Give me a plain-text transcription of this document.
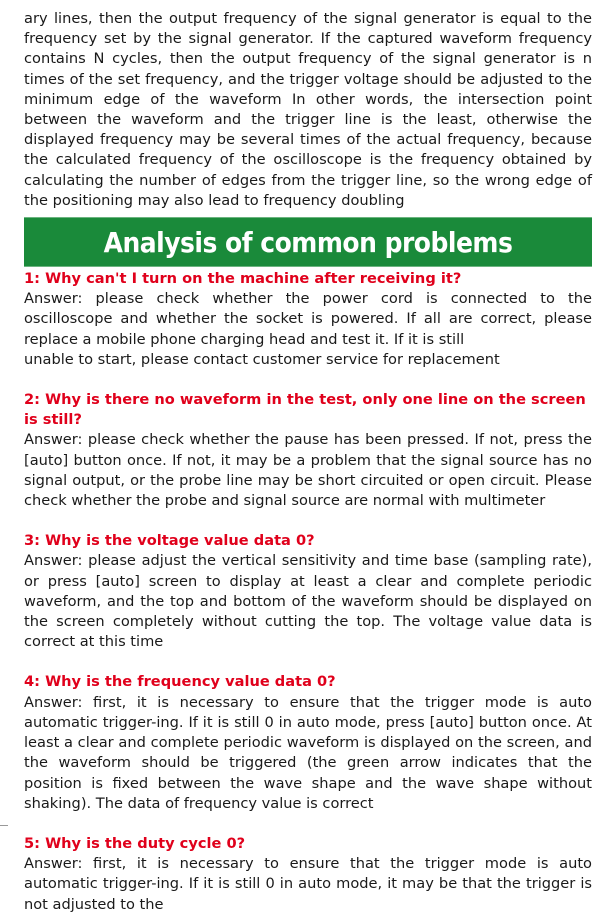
ary lines, then the output frequency of the signal generator is equal to the frequency set by the signal generator. If the captured waveform frequency contains N cycles, then the output frequency of the signal generator is n times of the set frequency, and the trigger voltage should be adjusted to the minimum edge of the waveform In other words, the intersection point between the waveform and the trigger line is the least, otherwise the displayed frequency may be several times of the actual frequency, because the calculated frequency of the oscilloscope is the frequency obtained by calculating the number of edges from the trigger line, so the wrong edge of the positioning may also lead to frequency doubling

Analysis of common problems

1: Why can't I turn on the machine after receiving it?

Answer: please check whether the power cord is connected to the oscilloscope and whether the socket is powered. If all are correct, please replace a mobile phone charging head and test it. If it is still
unable to start, please contact customer service for replacement

2: Why is there no waveform in the test, only one line on the screen is still?

Answer: please check whether the pause has been pressed. If not, press the [auto] button once. If not, it may be a problem that the signal source has no signal output, or the probe line may be short circuited or open circuit. Please check whether the probe and signal source are normal with multimeter

3: Why is the voltage value data 0?

Answer: please adjust the vertical sensitivity and time base (sampling rate), or press [auto] screen to display at least a clear and complete periodic waveform, and the top and bottom of the waveform should be displayed on the screen completely without cutting the top. The voltage value data is correct at this time

4: Why is the frequency value data 0?

Answer: first, it is necessary to ensure that the trigger mode is auto automatic trigger-ing. If it is still 0 in auto mode, press [auto] button once. At least a clear and complete periodic waveform is displayed on the screen, and the waveform should be triggered (the green arrow indicates that the position is fixed between the wave shape and the wave shape without shaking). The data of frequency value is correct

5: Why is the duty cycle 0?

Answer: first, it is necessary to ensure that the trigger mode is auto automatic trigger-ing. If it is still 0 in auto mode, it may be that the trigger is not adjusted to the
